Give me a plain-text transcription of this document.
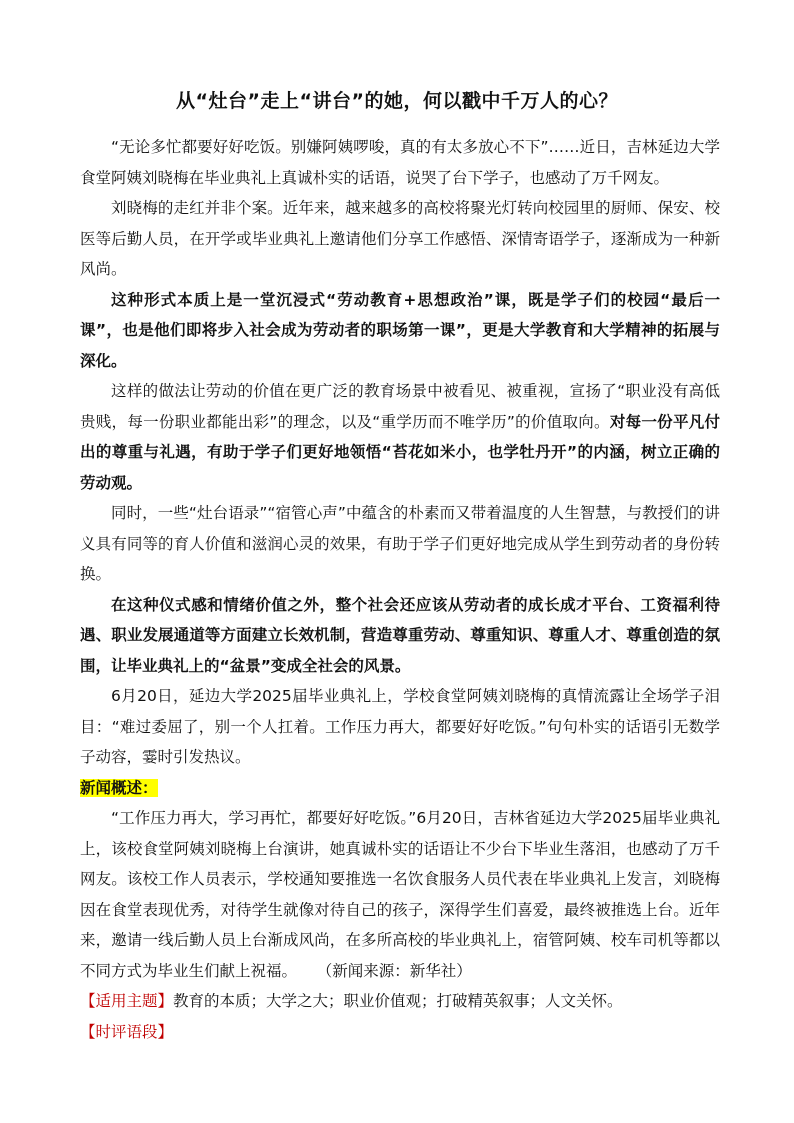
从“灶台”走上“讲台”的她，何以戳中千万人的心？

“无论多忙都要好好吃饭。别嫌阿姨啰唆，真的有太多放心不下”……近日，吉林延边大学食堂阿姨刘晓梅在毕业典礼上真诚朴实的话语，说哭了台下学子，也感动了万千网友。

刘晓梅的走红并非个案。近年来，越来越多的高校将聚光灯转向校园里的厨师、保安、校医等后勤人员，在开学或毕业典礼上邀请他们分享工作感悟、深情寄语学子，逐渐成为一种新风尚。

这种形式本质上是一堂沉浸式“劳动教育+思想政治”课，既是学子们的校园“最后一课”，也是他们即将步入社会成为劳动者的职场第一课”，更是大学教育和大学精神的拓展与深化。

这样的做法让劳动的价值在更广泛的教育场景中被看见、被重视，宣扬了“职业没有高低贵贱，每一份职业都能出彩”的理念，以及“重学历而不唯学历”的价值取向。对每一份平凡付出的尊重与礼遇，有助于学子们更好地领悟“苔花如米小，也学牡丹开”的内涵，树立正确的劳动观。

同时，一些“灶台语录”“宿管心声”中蕴含的朴素而又带着温度的人生智慧，与教授们的讲义具有同等的育人价值和滋润心灵的效果，有助于学子们更好地完成从学生到劳动者的身份转换。

在这种仪式感和情绪价值之外，整个社会还应该从劳动者的成长成才平台、工资福利待遇、职业发展通道等方面建立长效机制，营造尊重劳动、尊重知识、尊重人才、尊重创造的氛围，让毕业典礼上的“盆景”变成全社会的风景。

6月20日，延边大学2025届毕业典礼上，学校食堂阿姨刘晓梅的真情流露让全场学子泪目：“难过委屈了，别一个人扛着。工作压力再大，都要好好吃饭。”句句朴实的话语引无数学子动容，霎时引发热议。

新闻概述：

“工作压力再大，学习再忙，都要好好吃饭。”6月20日，吉林省延边大学2025届毕业典礼上，该校食堂阿姨刘晓梅上台演讲，她真诚朴实的话语让不少台下毕业生落泪，也感动了万千网友。该校工作人员表示，学校通知要推选一名饮食服务人员代表在毕业典礼上发言，刘晓梅因在食堂表现优秀，对待学生就像对待自己的孩子，深得学生们喜爱，最终被推选上台。近年来，邀请一线后勤人员上台渐成风尚，在多所高校的毕业典礼上，宿管阿姨、校车司机等都以不同方式为毕业生们献上祝福。 （新闻来源：新华社）

【适用主题】教育的本质；大学之大；职业价值观；打破精英叙事；人文关怀。

【时评语段】
